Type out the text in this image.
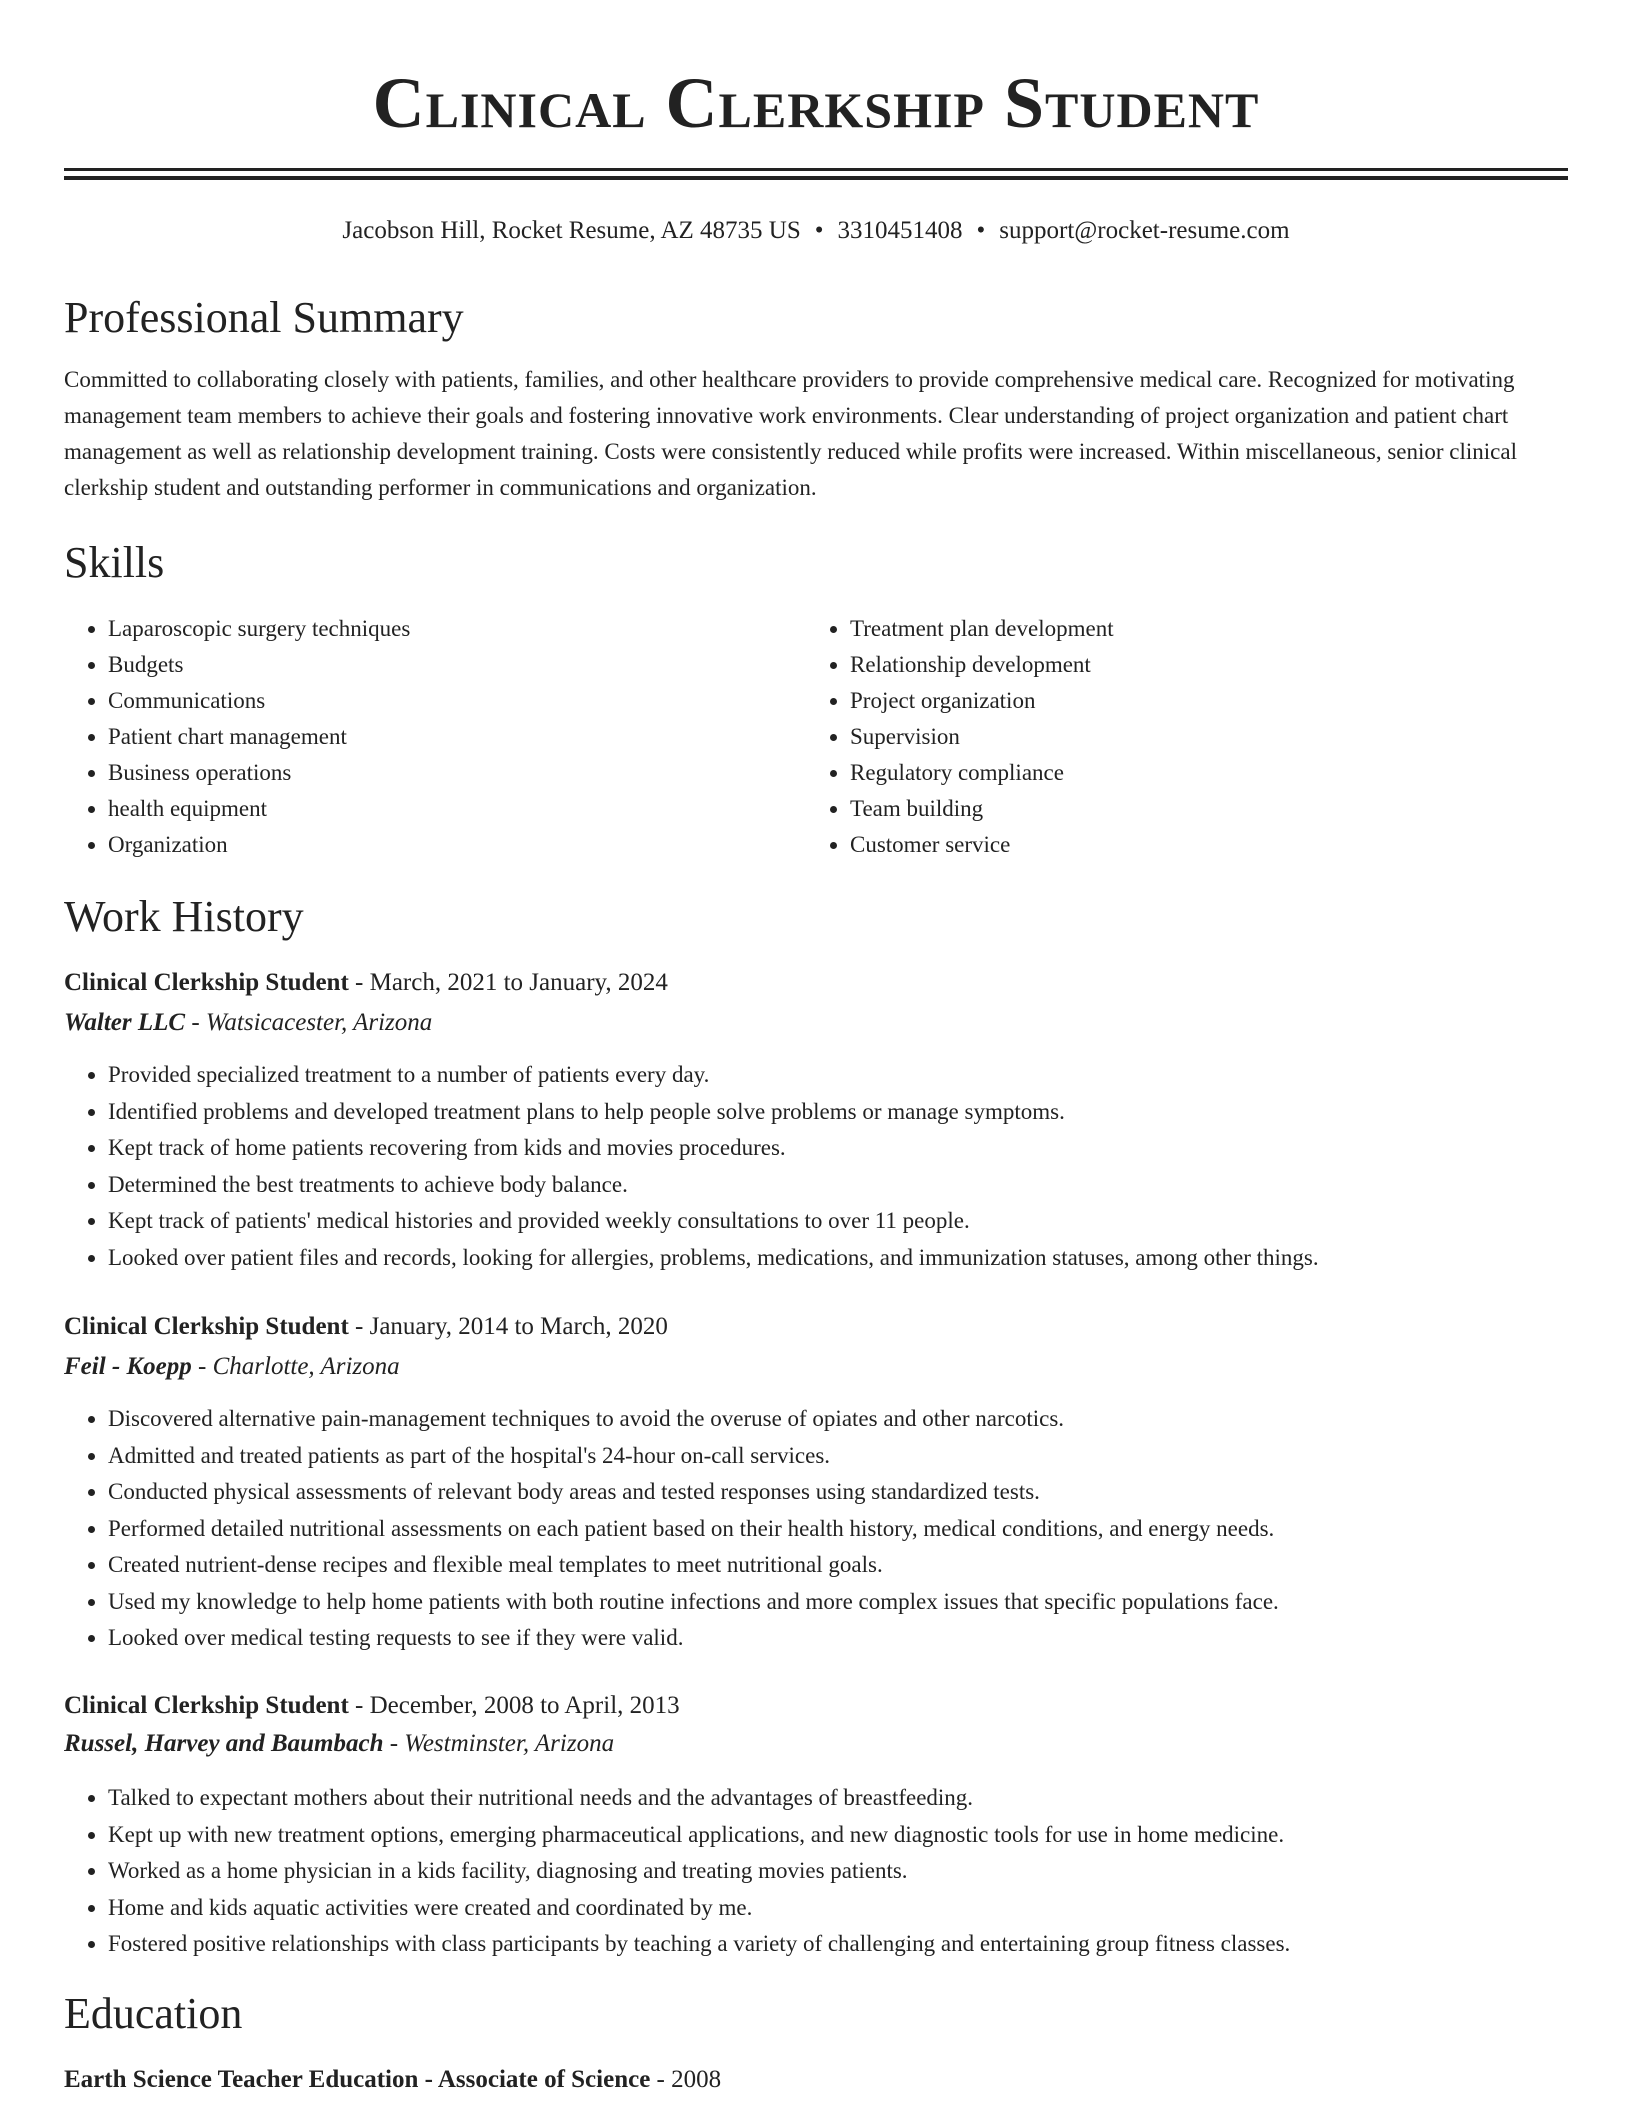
Clinical Clerkship Student
Jacobson Hill, Rocket Resume, AZ 48735 US • 3310451408 • support@rocket-resume.com
Professional Summary

Committed to collaborating closely with patients, families, and other healthcare providers to provide comprehensive medical care. Recognized for motivating management team members to achieve their goals and fostering innovative work environments. Clear understanding of project organization and patient chart management as well as relationship development training. Costs were consistently reduced while profits were increased. Within miscellaneous, senior clinical clerkship student and outstanding performer in communications and organization.

Skills
• Laparoscopic surgery techniques
• Budgets
• Communications
• Patient chart management
• Business operations
• health equipment
• Organization
• Treatment plan development
• Relationship development
• Project organization
• Supervision
• Regulatory compliance
• Team building
• Customer service
Work History
Clinical Clerkship Student - March, 2021 to January, 2024
Walter LLC - Watsicacester, Arizona
• Provided specialized treatment to a number of patients every day.
• Identified problems and developed treatment plans to help people solve problems or manage symptoms.
• Kept track of home patients recovering from kids and movies procedures.
• Determined the best treatments to achieve body balance.
• Kept track of patients' medical histories and provided weekly consultations to over 11 people.
• Looked over patient files and records, looking for allergies, problems, medications, and immunization statuses, among other things.
Clinical Clerkship Student - January, 2014 to March, 2020
Feil - Koepp - Charlotte, Arizona
• Discovered alternative pain-management techniques to avoid the overuse of opiates and other narcotics.
• Admitted and treated patients as part of the hospital's 24-hour on-call services.
• Conducted physical assessments of relevant body areas and tested responses using standardized tests.
• Performed detailed nutritional assessments on each patient based on their health history, medical conditions, and energy needs.
• Created nutrient-dense recipes and flexible meal templates to meet nutritional goals.
• Used my knowledge to help home patients with both routine infections and more complex issues that specific populations face.
• Looked over medical testing requests to see if they were valid.
Clinical Clerkship Student - December, 2008 to April, 2013
Russel, Harvey and Baumbach - Westminster, Arizona
• Talked to expectant mothers about their nutritional needs and the advantages of breastfeeding.
• Kept up with new treatment options, emerging pharmaceutical applications, and new diagnostic tools for use in home medicine.
• Worked as a home physician in a kids facility, diagnosing and treating movies patients.
• Home and kids aquatic activities were created and coordinated by me.
• Fostered positive relationships with class participants by teaching a variety of challenging and entertaining group fitness classes.
Education
Earth Science Teacher Education - Associate of Science - 2008
